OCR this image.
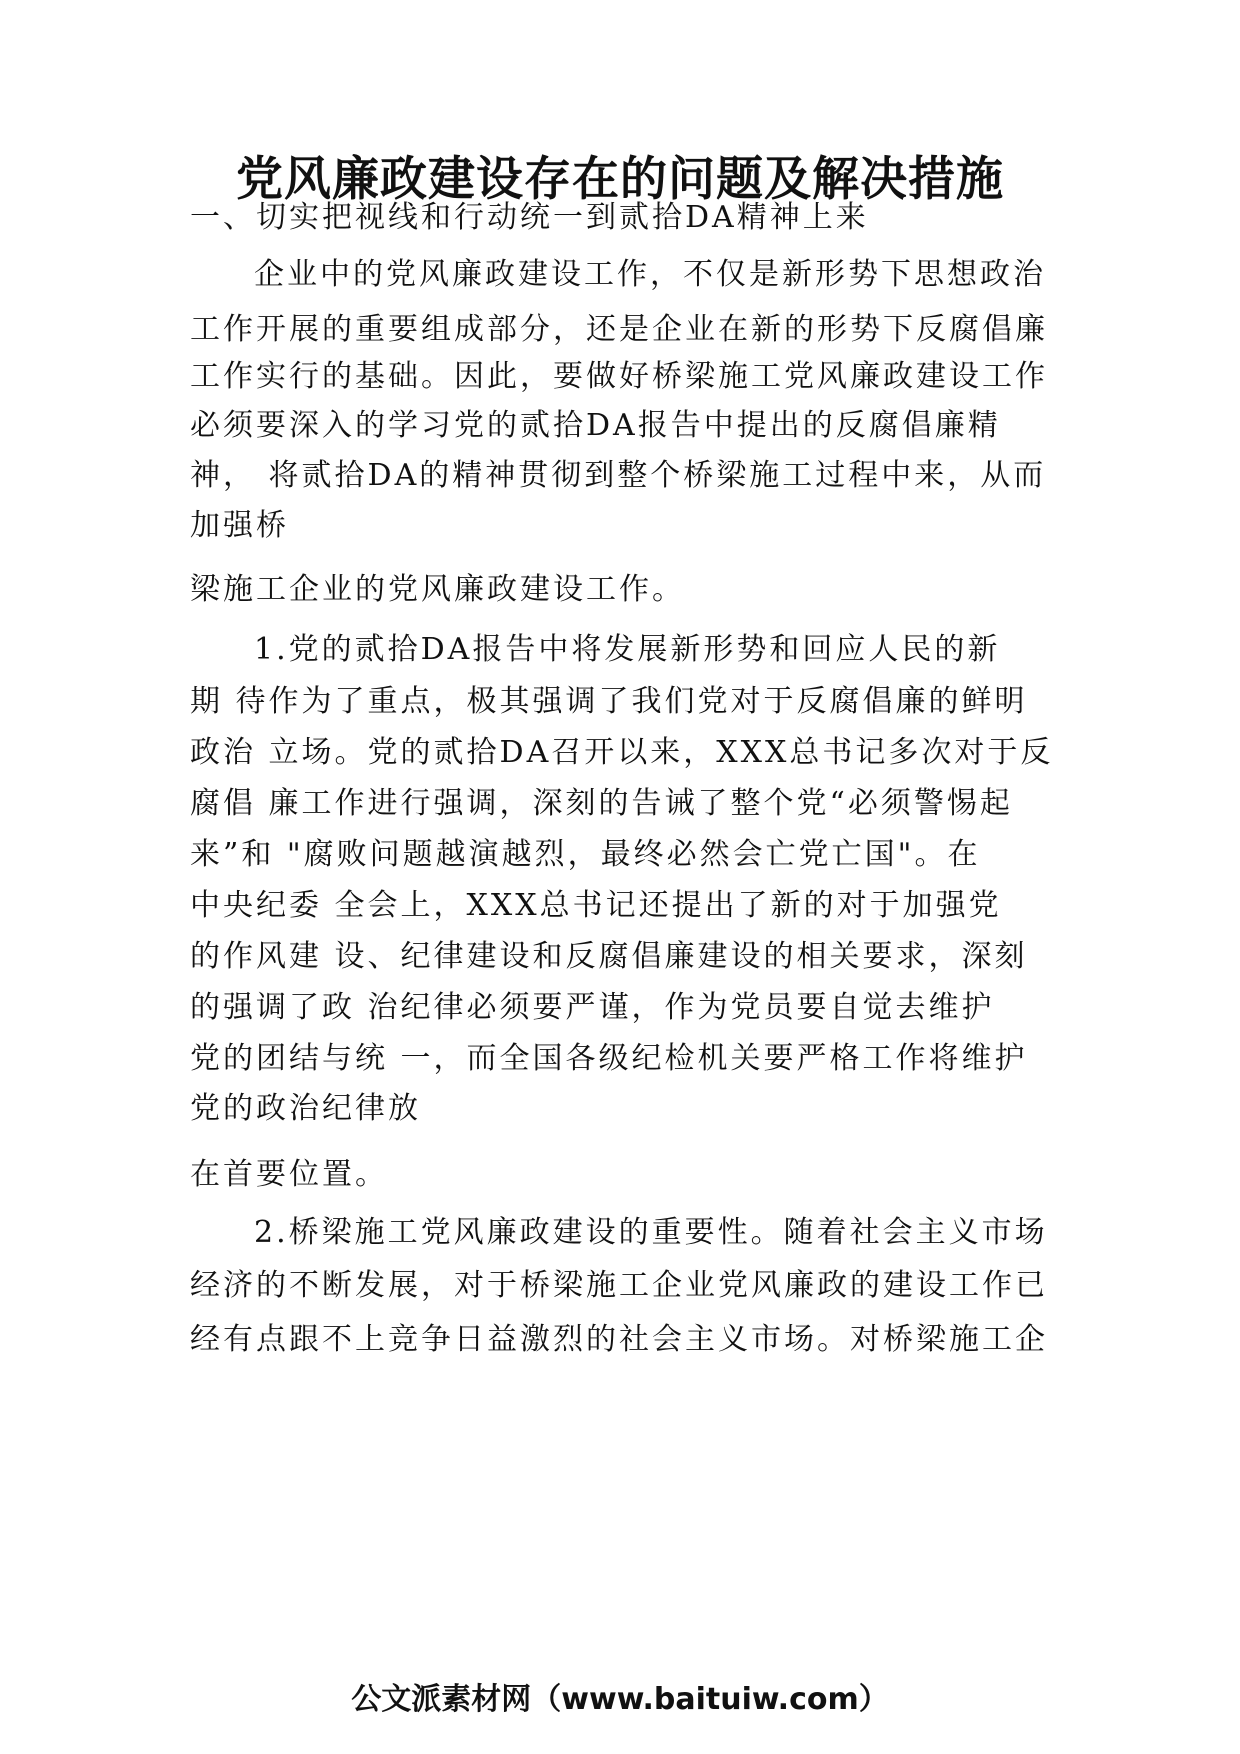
党风廉政建设存在的问题及解决措施

一、切实把视线和行动统一到贰拾DA精神上来

企业中的党风廉政建设工作，不仅是新形势下思想政治

工作开展的重要组成部分，还是企业在新的形势下反腐倡廉

工作实行的基础。因此，要做好桥梁施工党风廉政建设工作

必须要深入的学习党的贰拾DA报告中提出的反腐倡廉精

神， 将贰拾DA的精神贯彻到整个桥梁施工过程中来，从而

加强桥

梁施工企业的党风廉政建设工作。

1.党的贰拾DA报告中将发展新形势和回应人民的新

期 待作为了重点，极其强调了我们党对于反腐倡廉的鲜明

政治 立场。党的贰拾DA召开以来，XXX总书记多次对于反

腐倡 廉工作进行强调，深刻的告诫了整个党“必须警惕起

来”和 "腐败问题越演越烈，最终必然会亡党亡国"。在

中央纪委 全会上，XXX总书记还提出了新的对于加强党

的作风建 设、纪律建设和反腐倡廉建设的相关要求，深刻

的强调了政 治纪律必须要严谨，作为党员要自觉去维护

党的团结与统 一，而全国各级纪检机关要严格工作将维护

党的政治纪律放

在首要位置。

2.桥梁施工党风廉政建设的重要性。随着社会主义市场

经济的不断发展，对于桥梁施工企业党风廉政的建设工作已

经有点跟不上竞争日益激烈的社会主义市场。对桥梁施工企

公文派素材网（www.baituiw.com）
